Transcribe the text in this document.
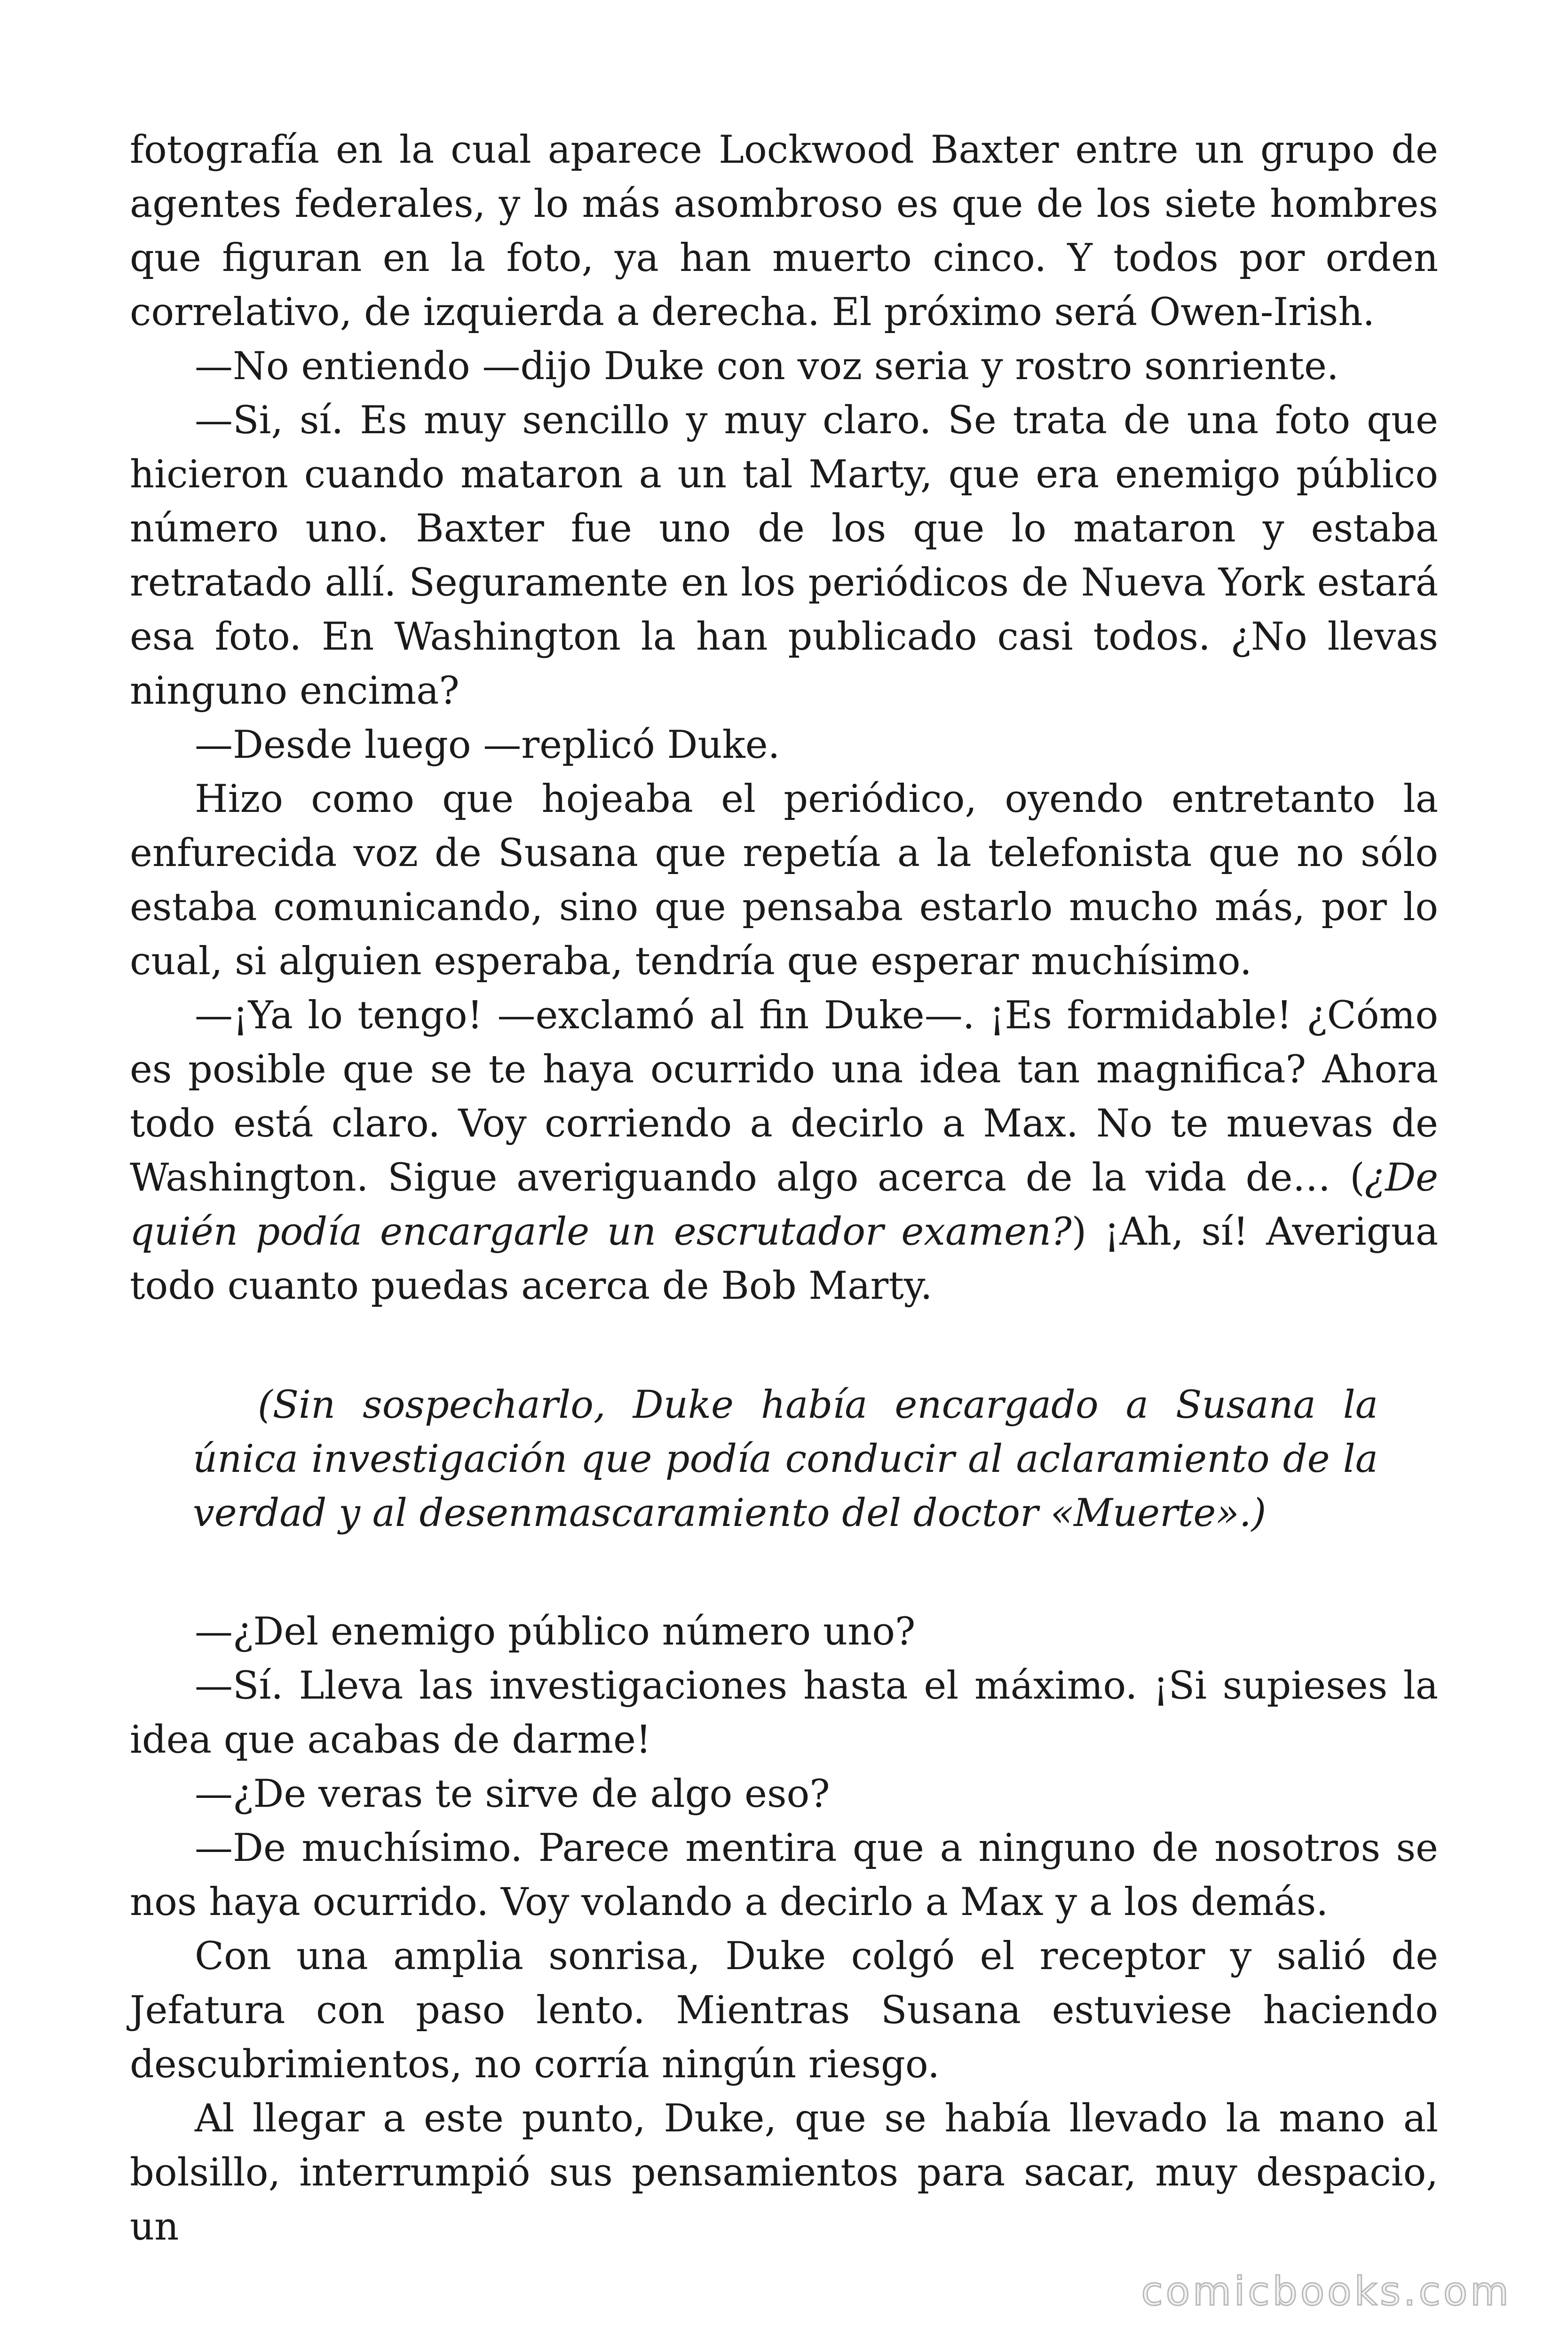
fotografía en la cual aparece Lockwood Baxter entre un grupo de agentes federales, y lo más asombroso es que de los siete hombres que figuran en la foto, ya han muerto cinco. Y todos por orden correlativo, de izquierda a derecha. El próximo será Owen-Irish.

—No entiendo —dijo Duke con voz seria y rostro sonriente.

—Si, sí. Es muy sencillo y muy claro. Se trata de una foto que hicieron cuando mataron a un tal Marty, que era enemigo público número uno. Baxter fue uno de los que lo mataron y estaba retratado allí. Seguramente en los periódicos de Nueva York estará esa foto. En Washington la han publicado casi todos. ¿No llevas ninguno encima?

—Desde luego —replicó Duke.

Hizo como que hojeaba el periódico, oyendo entretanto la enfurecida voz de Susana que repetía a la telefonista que no sólo estaba comunicando, sino que pensaba estarlo mucho más, por lo cual, si alguien esperaba, tendría que esperar muchísimo.

—¡Ya lo tengo! —exclamó al fin Duke—. ¡Es formidable! ¿Cómo es posible que se te haya ocurrido una idea tan magnifica? Ahora todo está claro. Voy corriendo a decirlo a Max. No te muevas de Washington. Sigue averiguando algo acerca de la vida de… (¿De quién podía encargarle un escrutador examen?) ¡Ah, sí! Averigua todo cuanto puedas acerca de Bob Marty.

(Sin sospecharlo, Duke había encargado a Susana la única investigación que podía conducir al aclaramiento de la verdad y al desenmascaramiento del doctor «Muerte».)

—¿Del enemigo público número uno?

—Sí. Lleva las investigaciones hasta el máximo. ¡Si supieses la idea que acabas de darme!

—¿De veras te sirve de algo eso?

—De muchísimo. Parece mentira que a ninguno de nosotros se nos haya ocurrido. Voy volando a decirlo a Max y a los demás.

Con una amplia sonrisa, Duke colgó el receptor y salió de Jefatura con paso lento. Mientras Susana estuviese haciendo descubrimientos, no corría ningún riesgo.

Al llegar a este punto, Duke, que se había llevado la mano al bolsillo, interrumpió sus pensamientos para sacar, muy despacio, un

comicbooks.com
